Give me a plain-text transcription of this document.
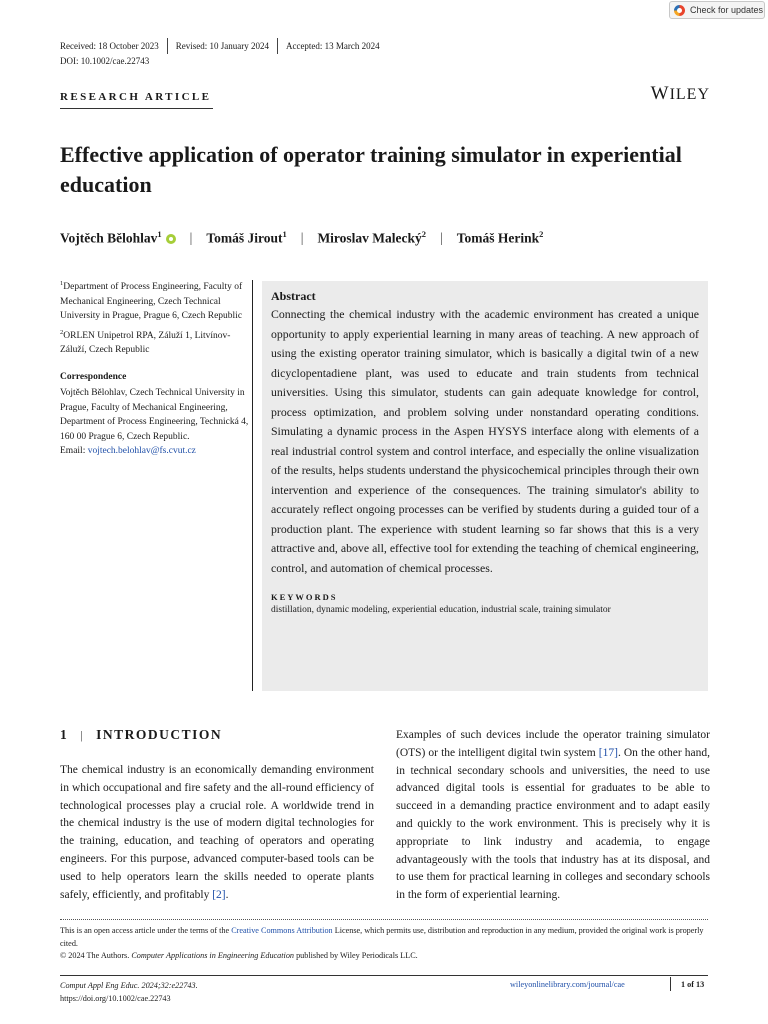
Check for updates
Received: 18 October 2023 Revised: 10 January 2024 Accepted: 13 March 2024
DOI: 10.1002/cae.22743
RESEARCH ARTICLE	WILEY
Effective application of operator training simulator in experiential education
Vojtěch Bělohlav$^1$ | Tomáš Jirout$^1$ | Miroslav Malecký$^2$ | Tomáš Herink$^2$

$^1$Department of Process Engineering, Faculty of Mechanical Engineering, Czech Technical University in Prague, Prague 6, Czech Republic

$^2$ORLEN Unipetrol RPA, Záluží 1, Litvínov-Záluží, Czech Republic

Correspondence

Vojtěch Bělohlav, Czech Technical University in Prague, Faculty of Mechanical Engineering, Department of Process Engineering, Technická 4, 160 00 Prague 6, Czech Republic.
Email: vojtech.belohlav@fs.cvut.cz

Abstract

Connecting the chemical industry with the academic environment has created a unique opportunity to apply experiential learning in many areas of teaching. A new approach of using the existing operator training simulator, which is basically a digital twin of a new dicyclopentadiene plant, was used to educate and train students from technical universities. Using this simulator, students can gain adequate knowledge for control, process optimization, and problem solving under nonstandard operating conditions. Simulating a dynamic process in the Aspen HYSYS interface along with elements of a real industrial control system and control interface, and especially the online visualization of the results, helps students understand the physicochemical principles through their own intervention and experience of the consequences. The training simulator's ability to accurately reflect ongoing processes can be verified by students during a guided tour of a production plant. The experience with student learning so far shows that this is a very attractive and, above all, effective tool for extending the teaching of chemical engineering, control, and automation of chemical processes.

KEYWORDS
distillation, dynamic modeling, experiential education, industrial scale, training simulator
1 | INTRODUCTION

The chemical industry is an economically demanding environment in which occupational and fire safety and the all-round efficiency of technological processes play a crucial role. A worldwide trend in the chemical industry is the use of modern digital technologies for the training, education, and teaching of operators and operating engineers. For this purpose, advanced computer-based tools can be used to help operators learn the skills needed to operate plants safely, efficiently, and profitably [2].

Examples of such devices include the operator training simulator (OTS) or the intelligent digital twin system [17]. On the other hand, in technical secondary schools and universities, the need to use advanced digital tools is essential for graduates to be able to succeed in a demanding practice environment and to adapt easily and quickly to the work environment. This is precisely why it is appropriate to link industry and academia, to engage advantageously with the tools that industry has at its disposal, and to use them for practical learning in colleges and secondary schools in the form of experiential learning.

This is an open access article under the terms of the Creative Commons Attribution License, which permits use, distribution and reproduction in any medium, provided the original work is properly cited.

© 2024 The Authors. Computer Applications in Engineering Education published by Wiley Periodicals LLC.

Comput Appl Eng Educ. 2024;32:e22743.

https://doi.org/10.1002/cae.22743

wileyonlinelibrary.com/journal/cae	1 of 13
